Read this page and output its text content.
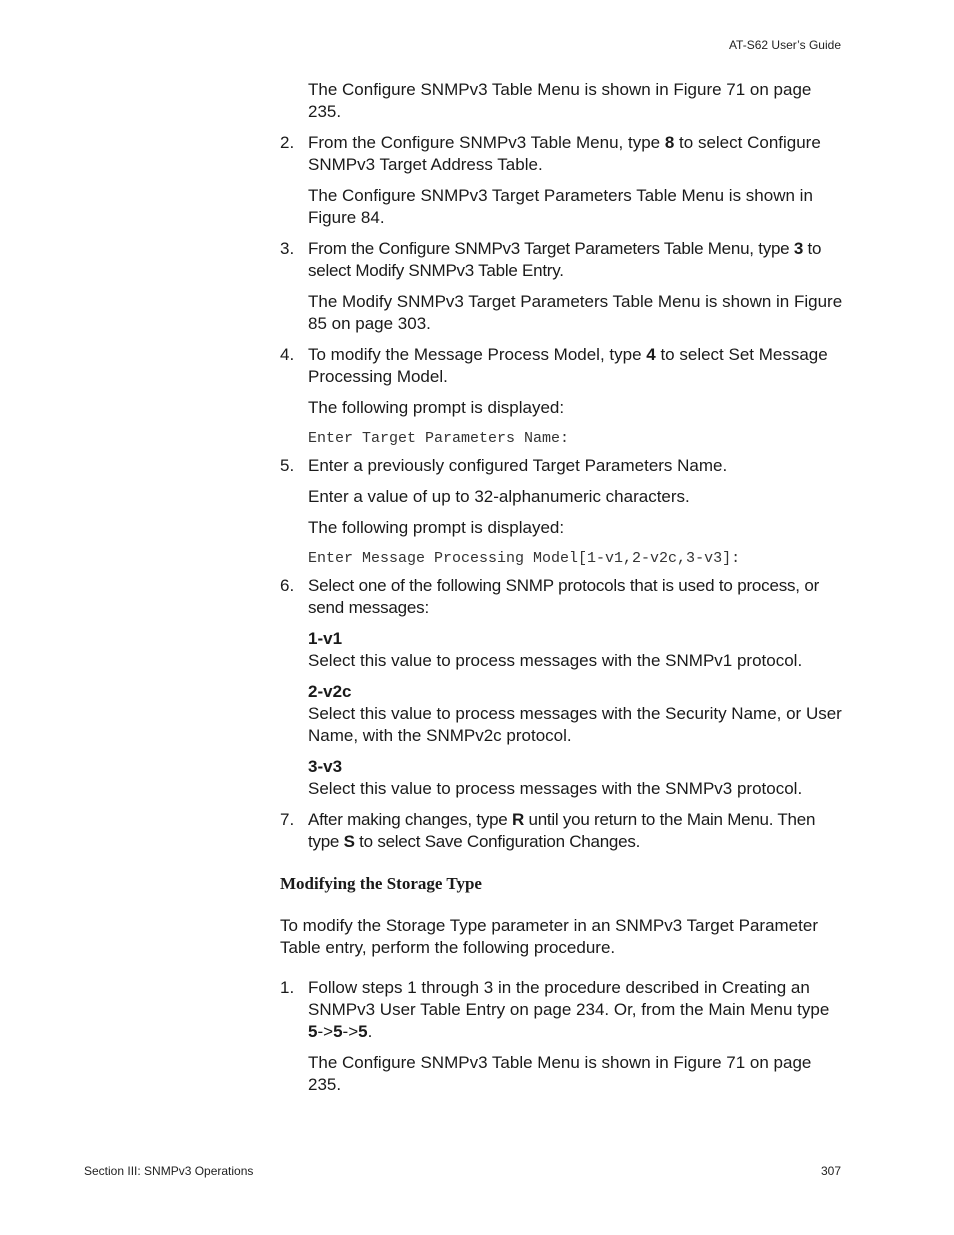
AT-S62 User’s Guide

The Configure SNMPv3 Table Menu is shown in Figure 71 on page 235.

2. From the Configure SNMPv3 Table Menu, type 8 to select Configure SNMPv3 Target Address Table.

The Configure SNMPv3 Target Parameters Table Menu is shown in Figure 84.

3. From the Configure SNMPv3 Target Parameters Table Menu, type 3 to select Modify SNMPv3 Table Entry.

The Modify SNMPv3 Target Parameters Table Menu is shown in Figure 85 on page 303.

4. To modify the Message Process Model, type 4 to select Set Message Processing Model.

The following prompt is displayed:

Enter Target Parameters Name:
5. Enter a previously configured Target Parameters Name.

Enter a value of up to 32-alphanumeric characters.

The following prompt is displayed:

Enter Message Processing Model[1-v1,2-v2c,3-v3]:
6. Select one of the following SNMP protocols that is used to process, or send messages:

1-v1
Select this value to process messages with the SNMPv1 protocol.

2-v2c
Select this value to process messages with the Security Name, or User Name, with the SNMPv2c protocol.

3-v3
Select this value to process messages with the SNMPv3 protocol.

7. After making changes, type R until you return to the Main Menu. Then type S to select Save Configuration Changes.

Modifying the Storage Type

To modify the Storage Type parameter in an SNMPv3 Target Parameter Table entry, perform the following procedure.

1. Follow steps 1 through 3 in the procedure described in Creating an SNMPv3 User Table Entry on page 234. Or, from the Main Menu type 5->5->5.

The Configure SNMPv3 Table Menu is shown in Figure 71 on page 235.

Section III: SNMPv3 Operations	307
